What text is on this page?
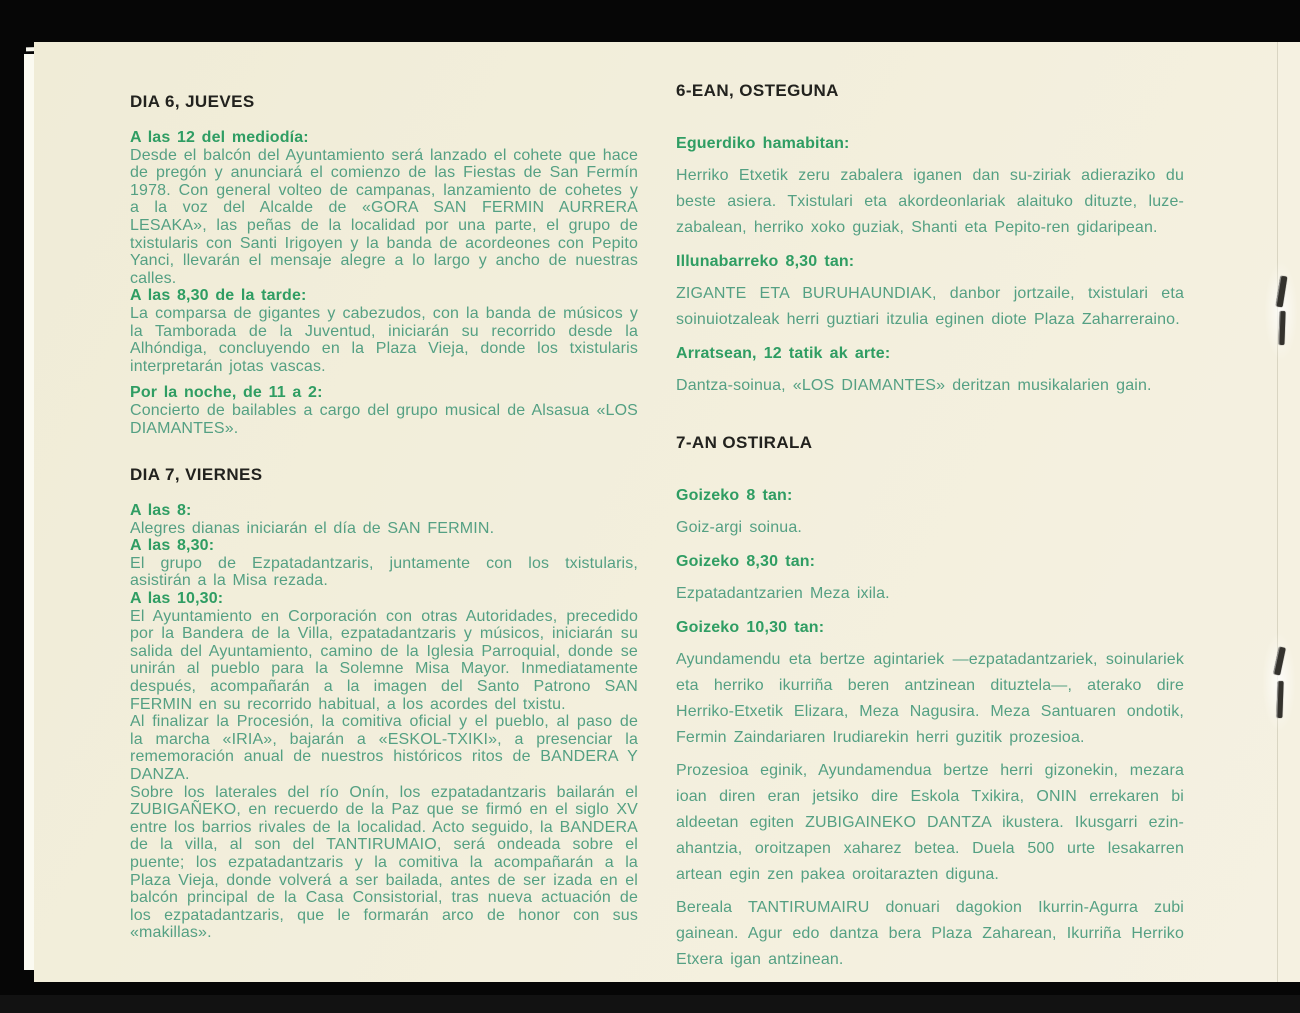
DIA 6, JUEVES

A las 12 del mediodía:

Desde el balcón del Ayuntamiento será lanzado el cohete que hace de pregón y anunciará el comienzo de las Fiestas de San Fermín 1978. Con general volteo de campanas, lanzamiento de cohetes y a la voz del Alcalde de «GORA SAN FERMIN AURRERA LESAKA», las peñas de la localidad por una parte, el grupo de txistularis con Santi Irigoyen y la banda de acordeones con Pepito Yanci, llevarán el mensaje alegre a lo largo y ancho de nuestras calles.

A las 8,30 de la tarde:

La comparsa de gigantes y cabezudos, con la banda de músicos y la Tamborada de la Juventud, iniciarán su recorrido desde la Alhóndiga, concluyendo en la Plaza Vieja, donde los txistularis interpretarán jotas vascas.

Por la noche, de 11 a 2:

Concierto de bailables a cargo del grupo musical de Alsasua «LOS DIAMANTES».

DIA 7, VIERNES

A las 8:

Alegres dianas iniciarán el día de SAN FERMIN.

A las 8,30:

El grupo de Ezpatadantzaris, juntamente con los txistularis, asistirán a la Misa rezada.

A las 10,30:

El Ayuntamiento en Corporación con otras Autoridades, precedido por la Bandera de la Villa, ezpatadantzaris y músicos, iniciarán su salida del Ayuntamiento, camino de la Iglesia Parroquial, donde se unirán al pueblo para la Solemne Misa Mayor. Inmediatamente después, acompañarán a la imagen del Santo Patrono SAN FERMIN en su recorrido habitual, a los acordes del txistu.

Al finalizar la Procesión, la comitiva oficial y el pueblo, al paso de la marcha «IRIA», bajarán a «ESKOL-TXIKI», a presenciar la rememoración anual de nuestros históricos ritos de BANDERA Y DANZA.

Sobre los laterales del río Onín, los ezpatadantzaris bailarán el ZUBIGAÑEKO, en recuerdo de la Paz que se firmó en el siglo XV entre los barrios rivales de la localidad. Acto seguido, la BANDERA de la villa, al son del TANTIRUMAIO, será ondeada sobre el puente; los ezpatadantzaris y la comitiva la acompañarán a la Plaza Vieja, donde volverá a ser bailada, antes de ser izada en el balcón principal de la Casa Consistorial, tras nueva actuación de los ezpatadantzaris, que le formarán arco de honor con sus «makillas».

6-EAN, OSTEGUNA

Eguerdiko hamabitan:

Herriko Etxetik zeru zabalera iganen dan su-ziriak adieraziko du beste asiera. Txistulari eta akordeonlariak alaituko dituzte, luze-zabalean, herriko xoko guziak, Shanti eta Pepito-ren gidaripean.

Illunabarreko 8,30 tan:

ZIGANTE ETA BURUHAUNDIAK, danbor jortzaile, txistulari eta soinuiotzaleak herri guztiari itzulia eginen diote Plaza Zaharreraino.

Arratsean, 12 tatik ak arte:

Dantza-soinua, «LOS DIAMANTES» deritzan musikalarien gain.

7-AN OSTIRALA

Goizeko 8 tan:

Goiz-argi soinua.

Goizeko 8,30 tan:

Ezpatadantzarien Meza ixila.

Goizeko 10,30 tan:

Ayundamendu eta bertze agintariek —ezpatadantzariek, soinulariek eta herriko ikurriña beren antzinean dituztela—, aterako dire Herriko-Etxetik Elizara, Meza Nagusira. Meza Santuaren ondotik, Fermin Zaindariaren Irudiarekin herri guzitik prozesioa.

Prozesioa eginik, Ayundamendua bertze herri gizonekin, mezara ioan diren eran jetsiko dire Eskola Txikira, ONIN errekaren bi aldeetan egiten ZUBIGAINEKO DANTZA ikustera. Ikusgarri ezin-ahantzia, oroitzapen xaharez betea. Duela 500 urte lesakarren artean egin zen pakea oroitarazten diguna.

Bereala TANTIRUMAIRU donuari dagokion Ikurrin-Agurra zubi gainean. Agur edo dantza bera Plaza Zaharean, Ikurriña Herriko Etxera igan antzinean.
